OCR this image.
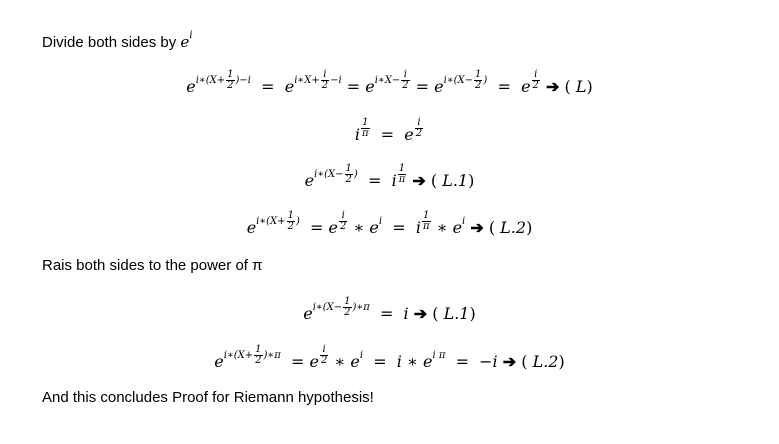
Divide both sides by $e^i$
$e^{i∗(X+ \frac{1}{2} )-i} = e^{i∗X+ \frac{i}{2} -i} = e^{i∗X- \frac{i}{2}} = e^{i∗(X- \frac{1}{2} )} = e$ $^{\frac{i}{2}}$ ➔ ( L)
i $^{\frac{1}{\pi}}$ =  e $^{\frac{i}{2}}$
$e^{i∗(X- \frac{1}{2} )} = i$ $^{\frac{1}{\pi}}$ ➔ ( L.1)
$e^{i∗(X+ \frac{1}{2} )} = e$ $^{\frac{i}{2}}$ ∗ $e^i = i$ $^{\frac{1}{\pi}}$ ∗ $e^i$ ➔ ( L.2)
Rais both sides to the power of π
$e^{i∗(X- \frac{1}{2} )∗\pi} = i$ ➔ ( L.1)
$e^{i∗(X+ \frac{1}{2} )∗\pi} = e$ $^{\frac{i}{2}}$ ∗ $e^i = i$ ∗ $e^{i \pi} = -i$ ➔ ( L.2)
And this concludes Proof for Riemann hypothesis!
